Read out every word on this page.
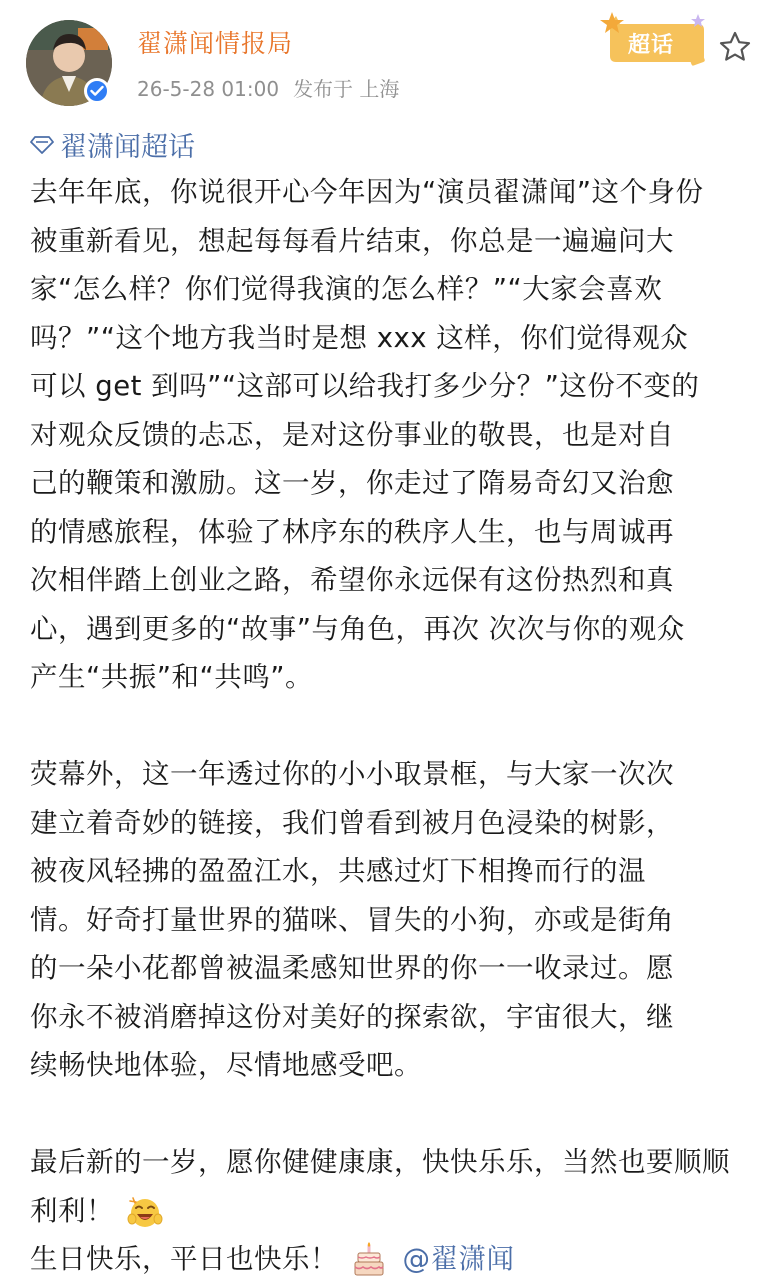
翟潇闻情报局
26-5-28 01:00 发布于 上海
超话
翟潇闻超话
去年年底，你说很开心今年因为“演员翟潇闻”这个身份
被重新看见，想起每每看片结束，你总是一遍遍问大
家“怎么样？你们觉得我演的怎么样？”“大家会喜欢
吗？”“这个地方我当时是想 xxx 这样，你们觉得观众
可以 get 到吗”“这部可以给我打多少分？”这份不变的
对观众反馈的忐忑，是对这份事业的敬畏，也是对自
己的鞭策和激励。这一岁，你走过了隋易奇幻又治愈
的情感旅程，体验了林序东的秩序人生，也与周诚再
次相伴踏上创业之路，希望你永远保有这份热烈和真
心，遇到更多的“故事”与角色，再次 次次与你的观众
产生“共振”和“共鸣”。
荧幕外，这一年透过你的小小取景框，与大家一次次
建立着奇妙的链接，我们曾看到被月色浸染的树影，
被夜风轻拂的盈盈江水，共感过灯下相搀而行的温
情。好奇打量世界的猫咪、冒失的小狗，亦或是街角
的一朵小花都曾被温柔感知世界的你一一收录过。愿
你永不被消磨掉这份对美好的探索欲，宇宙很大，继
续畅快地体验，尽情地感受吧。
最后新的一岁，愿你健健康康，快快乐乐，当然也要顺顺
利利！
生日快乐，平日也快乐！ @翟潇闻
